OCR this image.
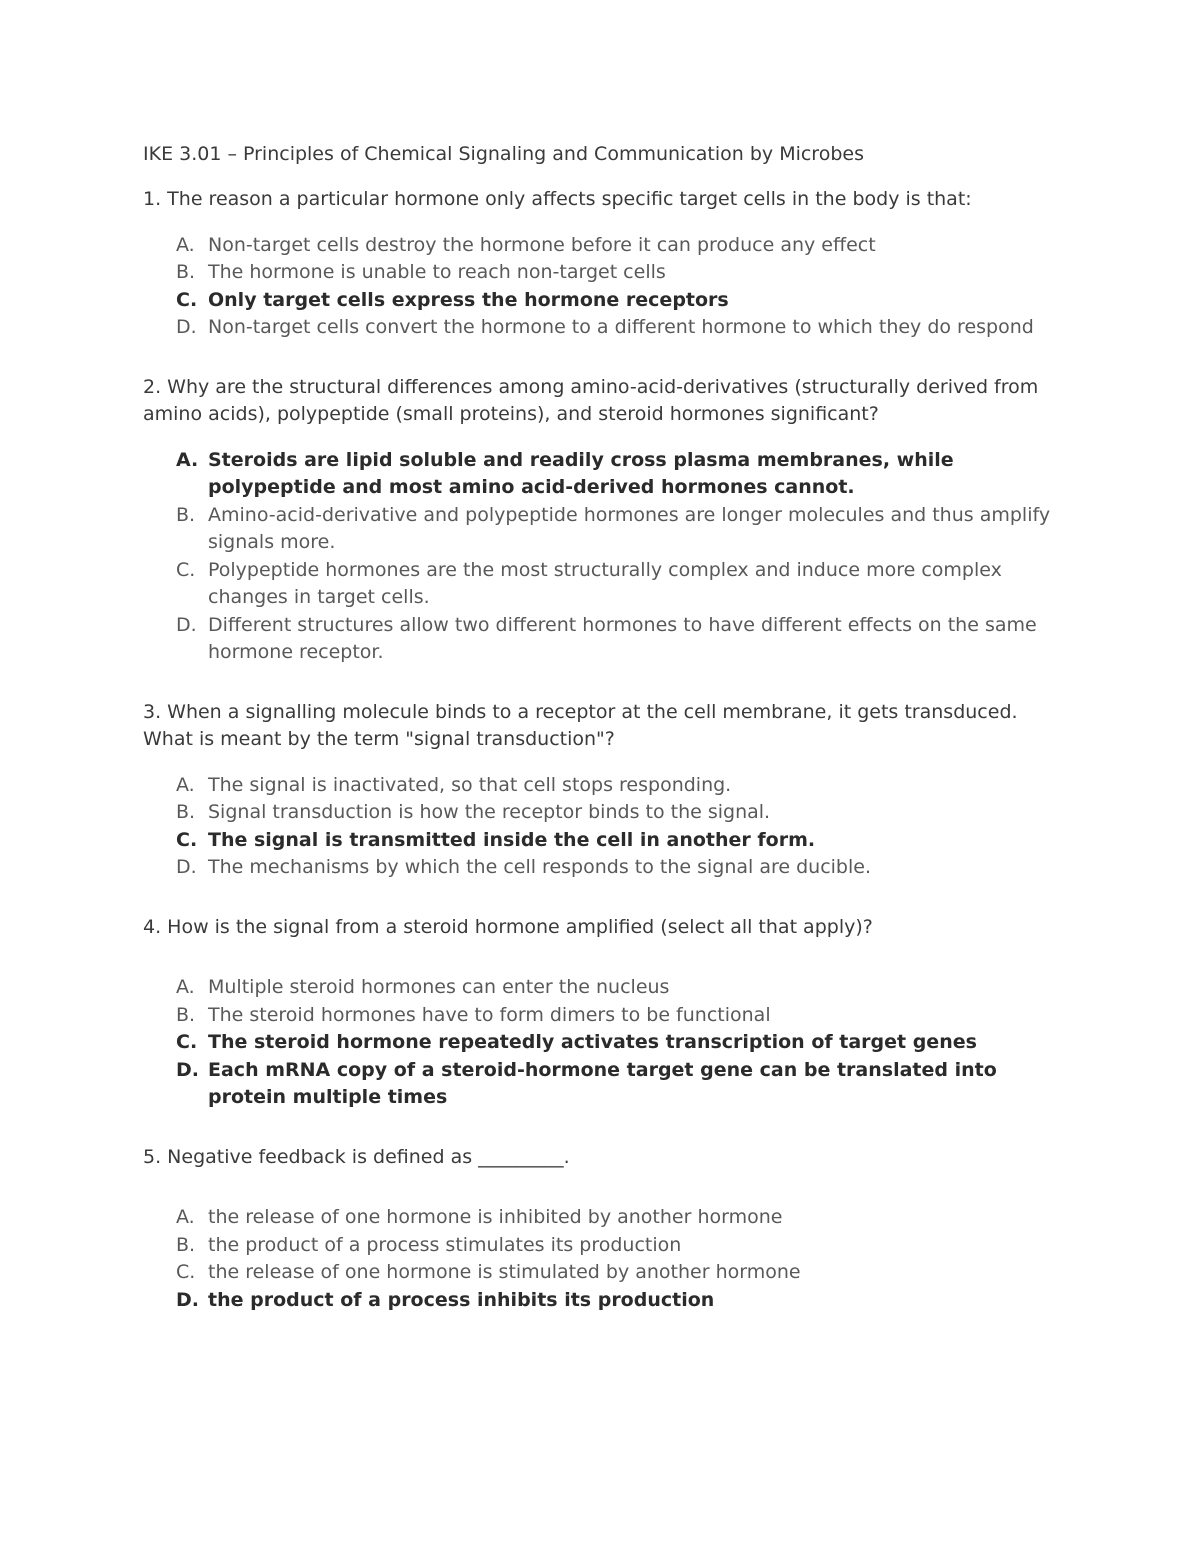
IKE 3.01 – Principles of Chemical Signaling and Communication by Microbes

1. The reason a particular hormone only affects specific target cells in the body is that:

A. Non-target cells destroy the hormone before it can produce any effect
B. The hormone is unable to reach non-target cells
C. Only target cells express the hormone receptors
D. Non-target cells convert the hormone to a different hormone to which they do respond

2. Why are the structural differences among amino-acid-derivatives (structurally derived from amino acids), polypeptide (small proteins), and steroid hormones significant?

A. Steroids are lipid soluble and readily cross plasma membranes, while polypeptide and most amino acid-derived hormones cannot.
B. Amino-acid-derivative and polypeptide hormones are longer molecules and thus amplify signals more.
C. Polypeptide hormones are the most structurally complex and induce more complex changes in target cells.
D. Different structures allow two different hormones to have different effects on the same hormone receptor.

3. When a signalling molecule binds to a receptor at the cell membrane, it gets transduced. What is meant by the term "signal transduction"?

A. The signal is inactivated, so that cell stops responding.
B. Signal transduction is how the receptor binds to the signal.
C. The signal is transmitted inside the cell in another form.
D. The mechanisms by which the cell responds to the signal are ducible.

4. How is the signal from a steroid hormone amplified (select all that apply)?

A. Multiple steroid hormones can enter the nucleus
B. The steroid hormones have to form dimers to be functional
C. The steroid hormone repeatedly activates transcription of target genes
D. Each mRNA copy of a steroid-hormone target gene can be translated into protein multiple times

5. Negative feedback is defined as _________.

A. the release of one hormone is inhibited by another hormone
B. the product of a process stimulates its production
C. the release of one hormone is stimulated by another hormone
D. the product of a process inhibits its production
